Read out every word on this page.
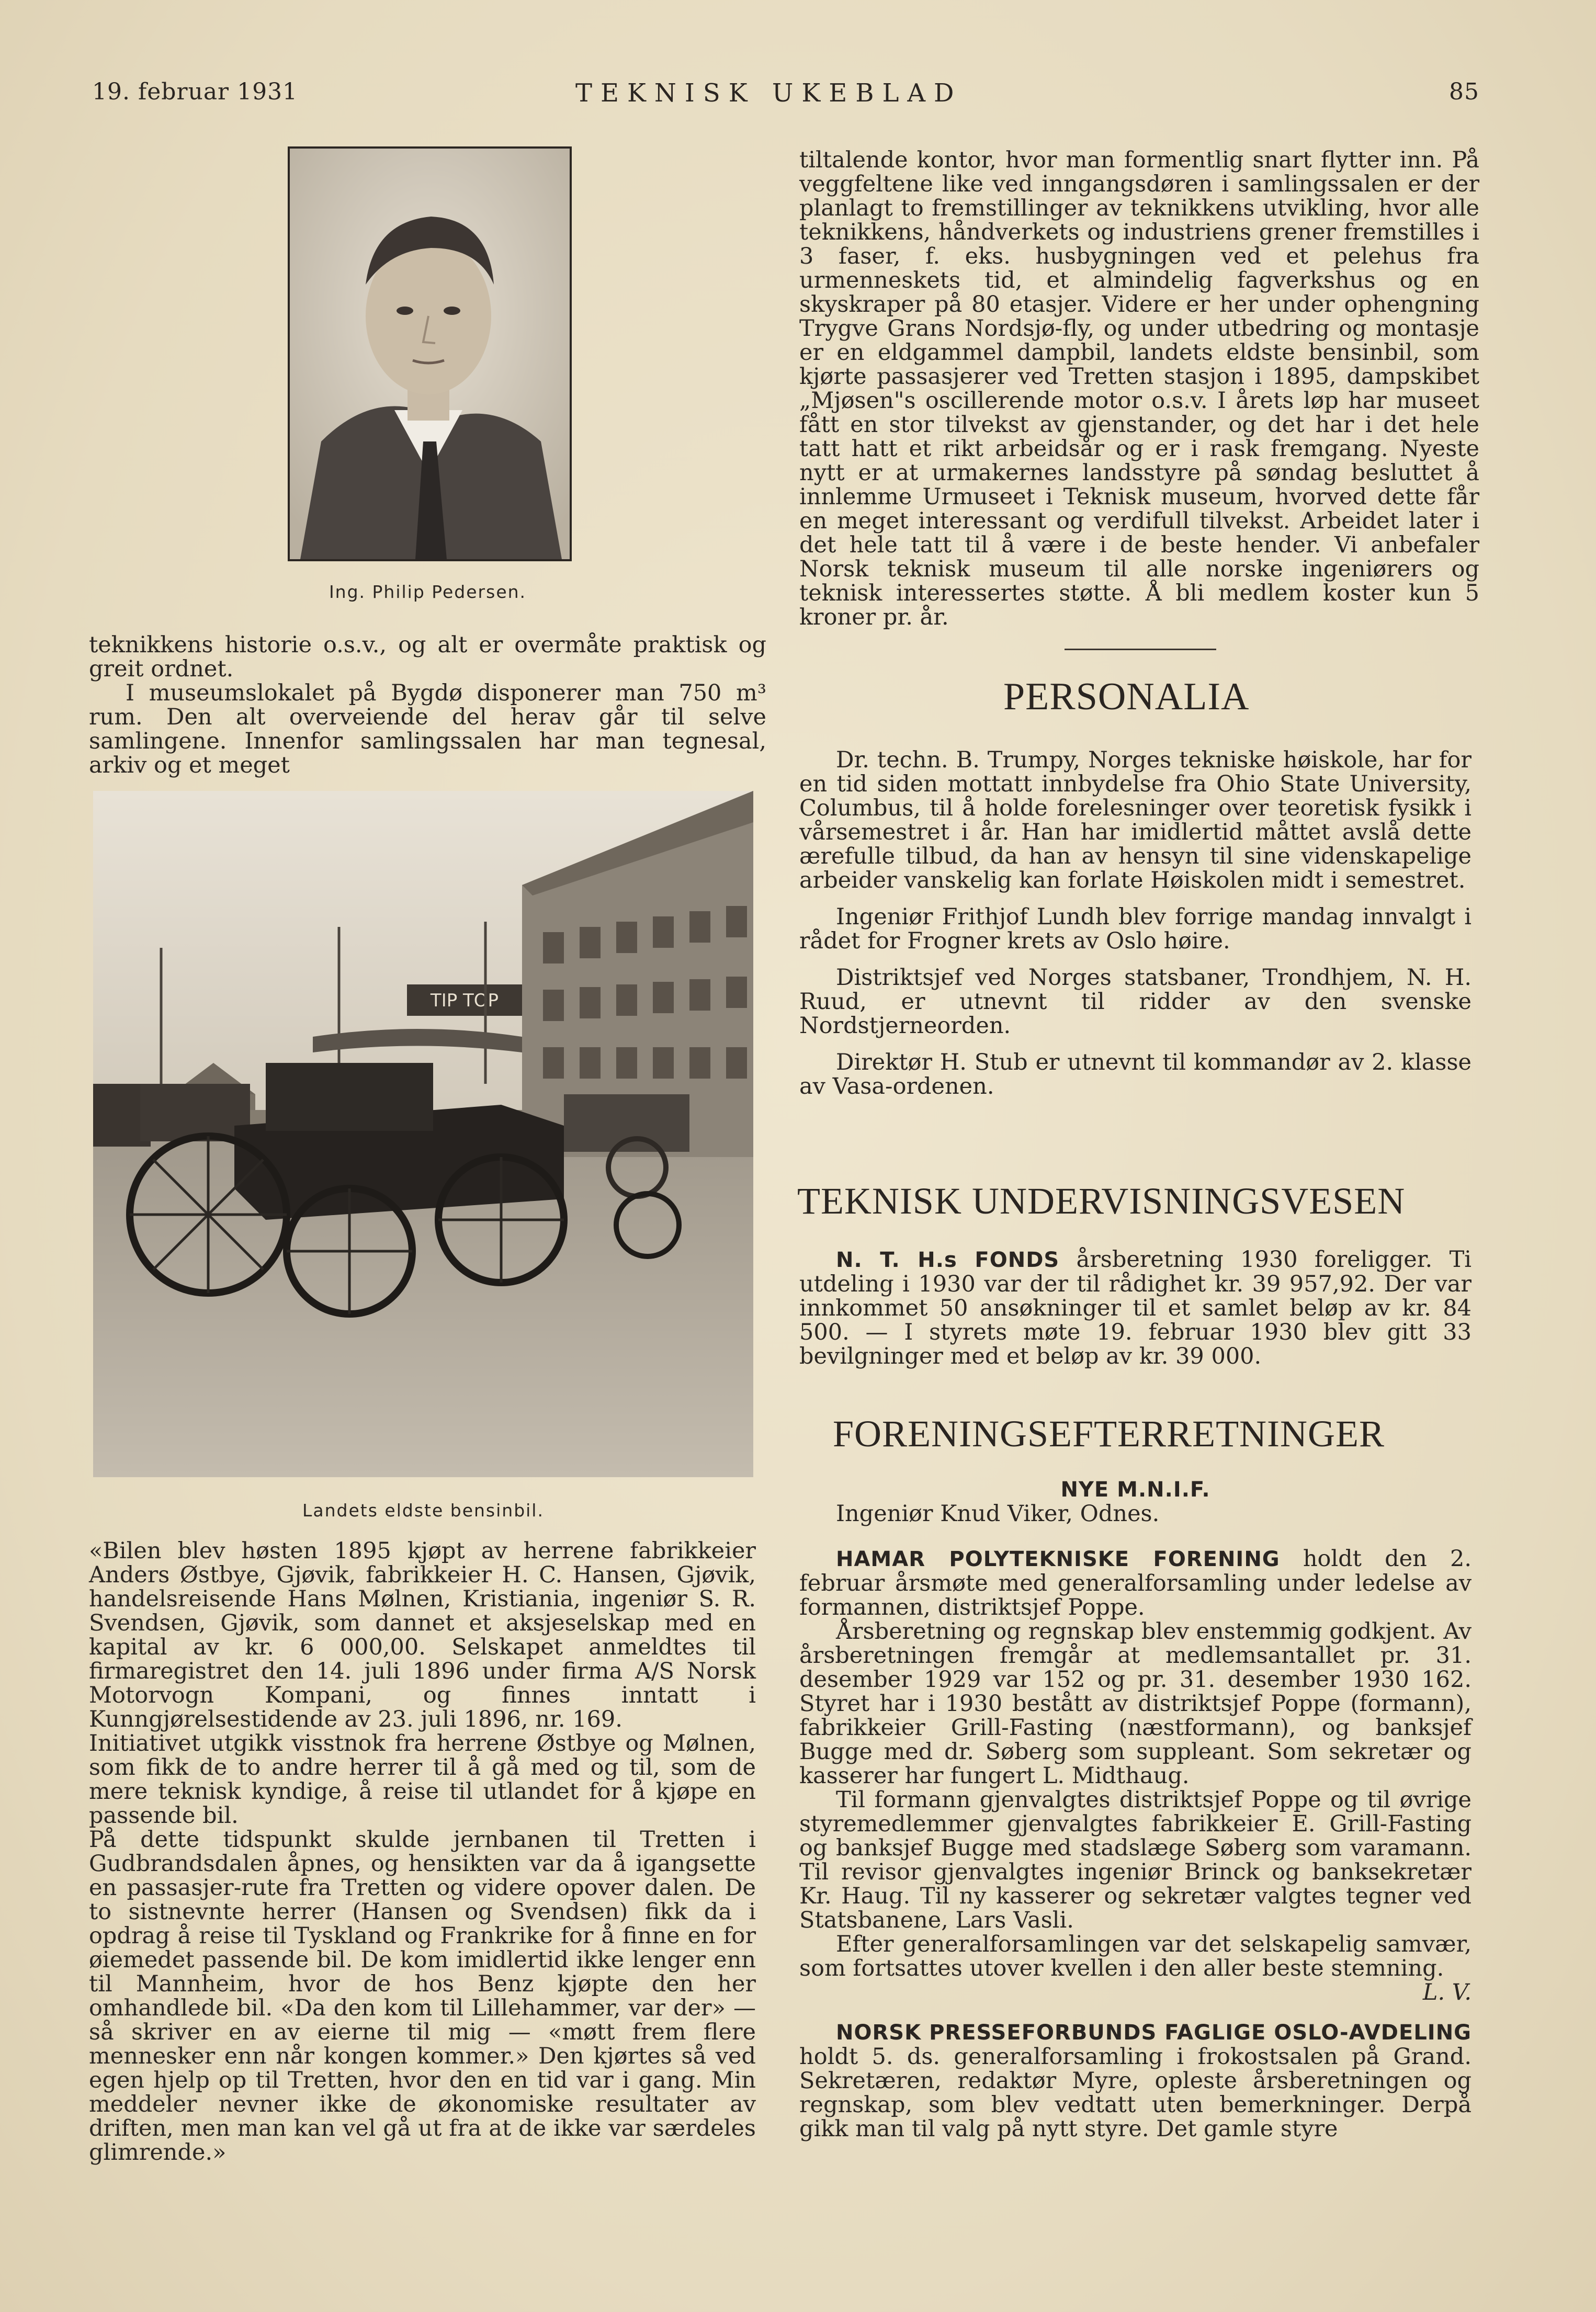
19. februar 1931	TEKNISK UKEBLAD	85
Ing. Philip Pedersen.

teknikkens historie o.s.v., og alt er overmåte praktisk og greit ordnet.

I museumslokalet på Bygdø disponerer man 750 m³ rum. Den alt overveiende del herav går til selve samlingene. Innenfor samlingssalen har man tegnesal, arkiv og et meget

TIP TOP
Landets eldste bensinbil.

«Bilen blev høsten 1895 kjøpt av herrene fabrikkeier Anders Østbye, Gjøvik, fabrikkeier H. C. Hansen, Gjøvik, handelsreisende Hans Mølnen, Kristiania, ingeniør S. R. Svendsen, Gjøvik, som dannet et aksjeselskap med en kapital av kr. 6 000,00. Selskapet anmeldtes til firmaregistret den 14. juli 1896 under firma A/S Norsk Motorvogn Kompani, og finnes inntatt i Kunngjørelsestidende av 23. juli 1896, nr. 169.

Initiativet utgikk visstnok fra herrene Østbye og Mølnen, som fikk de to andre herrer til å gå med og til, som de mere teknisk kyndige, å reise til utlandet for å kjøpe en passende bil.

På dette tidspunkt skulde jernbanen til Tretten i Gudbrandsdalen åpnes, og hensikten var da å igangsette en passasjer-rute fra Tretten og videre opover dalen. De to sistnevnte herrer (Hansen og Svendsen) fikk da i opdrag å reise til Tyskland og Frankrike for å finne en for øiemedet passende bil. De kom imidlertid ikke lenger enn til Mannheim, hvor de hos Benz kjøpte den her omhandlede bil. «Da den kom til Lillehammer, var der» — så skriver en av eierne til mig — «møtt frem flere mennesker enn når kongen kommer.» Den kjørtes så ved egen hjelp op til Tretten, hvor den en tid var i gang. Min meddeler nevner ikke de økonomiske resultater av driften, men man kan vel gå ut fra at de ikke var særdeles glimrende.»

tiltalende kontor, hvor man formentlig snart flytter inn. På veggfeltene like ved inngangsdøren i samlingssalen er der planlagt to fremstillinger av teknikkens utvikling, hvor alle teknikkens, håndverkets og industriens grener fremstilles i 3 faser, f. eks. husbygningen ved et pelehus fra urmenneskets tid, et almindelig fagverkshus og en skyskraper på 80 etasjer. Videre er her under ophengning Trygve Grans Nordsjø-fly, og under utbedring og montasje er en eldgammel dampbil, landets eldste bensinbil, som kjørte passasjerer ved Tretten stasjon i 1895, dampskibet „Mjøsen"s oscillerende motor o.s.v. I årets løp har museet fått en stor tilvekst av gjenstander, og det har i det hele tatt hatt et rikt arbeidsår og er i rask fremgang. Nyeste nytt er at urmakernes landsstyre på søndag besluttet å innlemme Urmuseet i Teknisk museum, hvorved dette får en meget interessant og verdifull tilvekst. Arbeidet later i det hele tatt til å være i de beste hender. Vi anbefaler Norsk teknisk museum til alle norske ingeniørers og teknisk interessertes støtte. Å bli medlem koster kun 5 kroner pr. år.

PERSONALIA

Dr. techn. B. Trumpy, Norges tekniske høiskole, har for en tid siden mottatt innbydelse fra Ohio State University, Columbus, til å holde forelesninger over teoretisk fysikk i vårsemestret i år. Han har imidlertid måttet avslå dette ærefulle tilbud, da han av hensyn til sine videnskapelige arbeider vanskelig kan forlate Høiskolen midt i semestret.

Ingeniør Frithjof Lundh blev forrige mandag innvalgt i rådet for Frogner krets av Oslo høire.

Distriktsjef ved Norges statsbaner, Trondhjem, N. H. Ruud, er utnevnt til ridder av den svenske Nordstjerneorden.

Direktør H. Stub er utnevnt til kommandør av 2. klasse av Vasa-ordenen.

TEKNISK UNDERVISNINGSVESEN

N. T. H.s FONDS årsberetning 1930 foreligger. Ti utdeling i 1930 var der til rådighet kr. 39 957,92. Der var innkommet 50 ansøkninger til et samlet beløp av kr. 84 500. — I styrets møte 19. februar 1930 blev gitt 33 bevilgninger med et beløp av kr. 39 000.

FORENINGSEFTERRETNINGER
NYE M.N.I.F.

Ingeniør Knud Viker, Odnes.

HAMAR POLYTEKNISKE FORENING holdt den 2. februar årsmøte med generalforsamling under ledelse av formannen, distriktsjef Poppe.

Årsberetning og regnskap blev enstemmig godkjent. Av årsberetningen fremgår at medlemsantallet pr. 31. desember 1929 var 152 og pr. 31. desember 1930 162. Styret har i 1930 bestått av distriktsjef Poppe (formann), fabrikkeier Grill-Fasting (næstformann), og banksjef Bugge med dr. Søberg som suppleant. Som sekretær og kasserer har fungert L. Midthaug.

Til formann gjenvalgtes distriktsjef Poppe og til øvrige styremedlemmer gjenvalgtes fabrikkeier E. Grill-Fasting og banksjef Bugge med stadslæge Søberg som varamann. Til revisor gjenvalgtes ingeniør Brinck og banksekretær Kr. Haug. Til ny kasserer og sekretær valgtes tegner ved Statsbanene, Lars Vasli.

Efter generalforsamlingen var det selskapelig samvær, som fortsattes utover kvellen i den aller beste stemning.

L. V.

NORSK PRESSEFORBUNDS FAGLIGE OSLO-AVDELING holdt 5. ds. generalforsamling i frokostsalen på Grand. Sekretæren, redaktør Myre, opleste årsberetningen og regnskap, som blev vedtatt uten bemerkninger. Derpå gikk man til valg på nytt styre. Det gamle styre
